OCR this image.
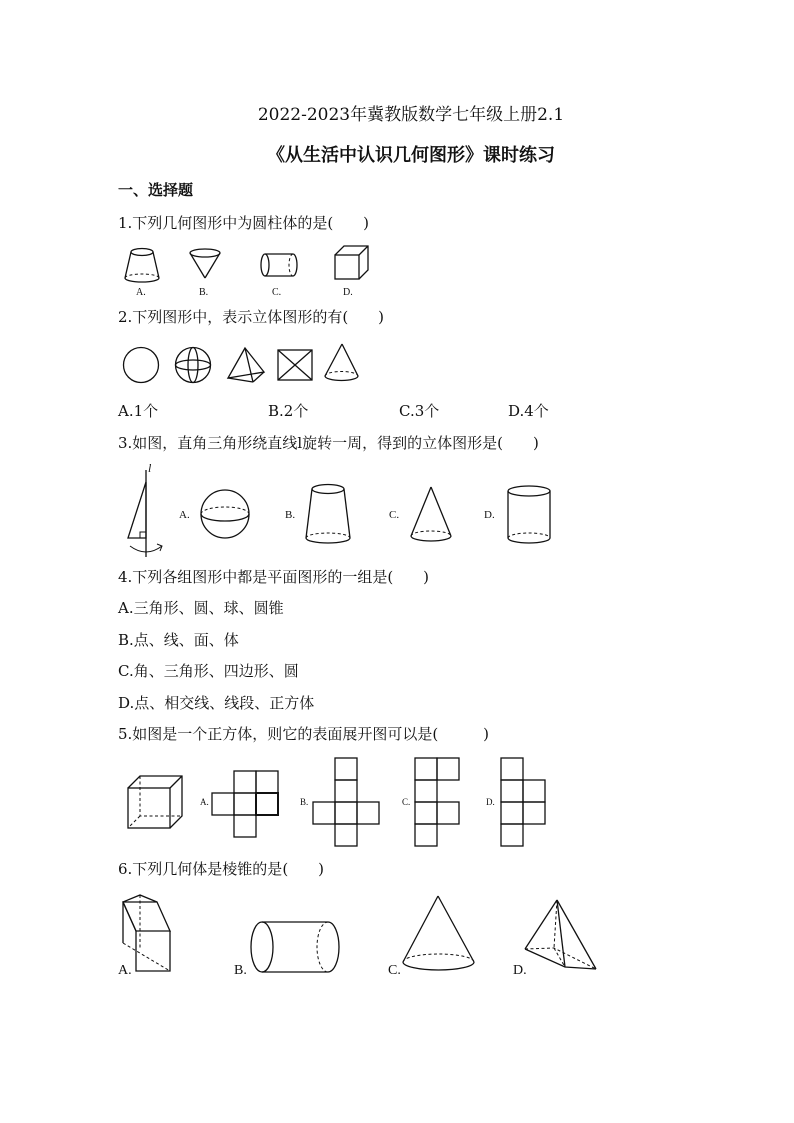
2022-2023年冀教版数学七年级上册2.1
《从生活中认识几何图形》课时练习
一、选择题
1.下列几何图形中为圆柱体的是(　　)
A.	B.	C.	D.
2.下列图形中，表示立体图形的有(　　)
A.1个	B.2个	C.3个	D.4个
3.如图，直角三角形绕直线l旋转一周，得到的立体图形是(　　)
l
A.	B.	C.	D.
4.下列各组图形中都是平面图形的一组是(　　)
A.三角形、圆、球、圆锥
B.点、线、面、体
C.角、三角形、四边形、圆
D.点、相交线、线段、正方体
5.如图是一个正方体，则它的表面展开图可以是(　　　)
A.	B.	C.	D.
6.下列几何体是棱锥的是(　　)
A.	B.	C.	D.
